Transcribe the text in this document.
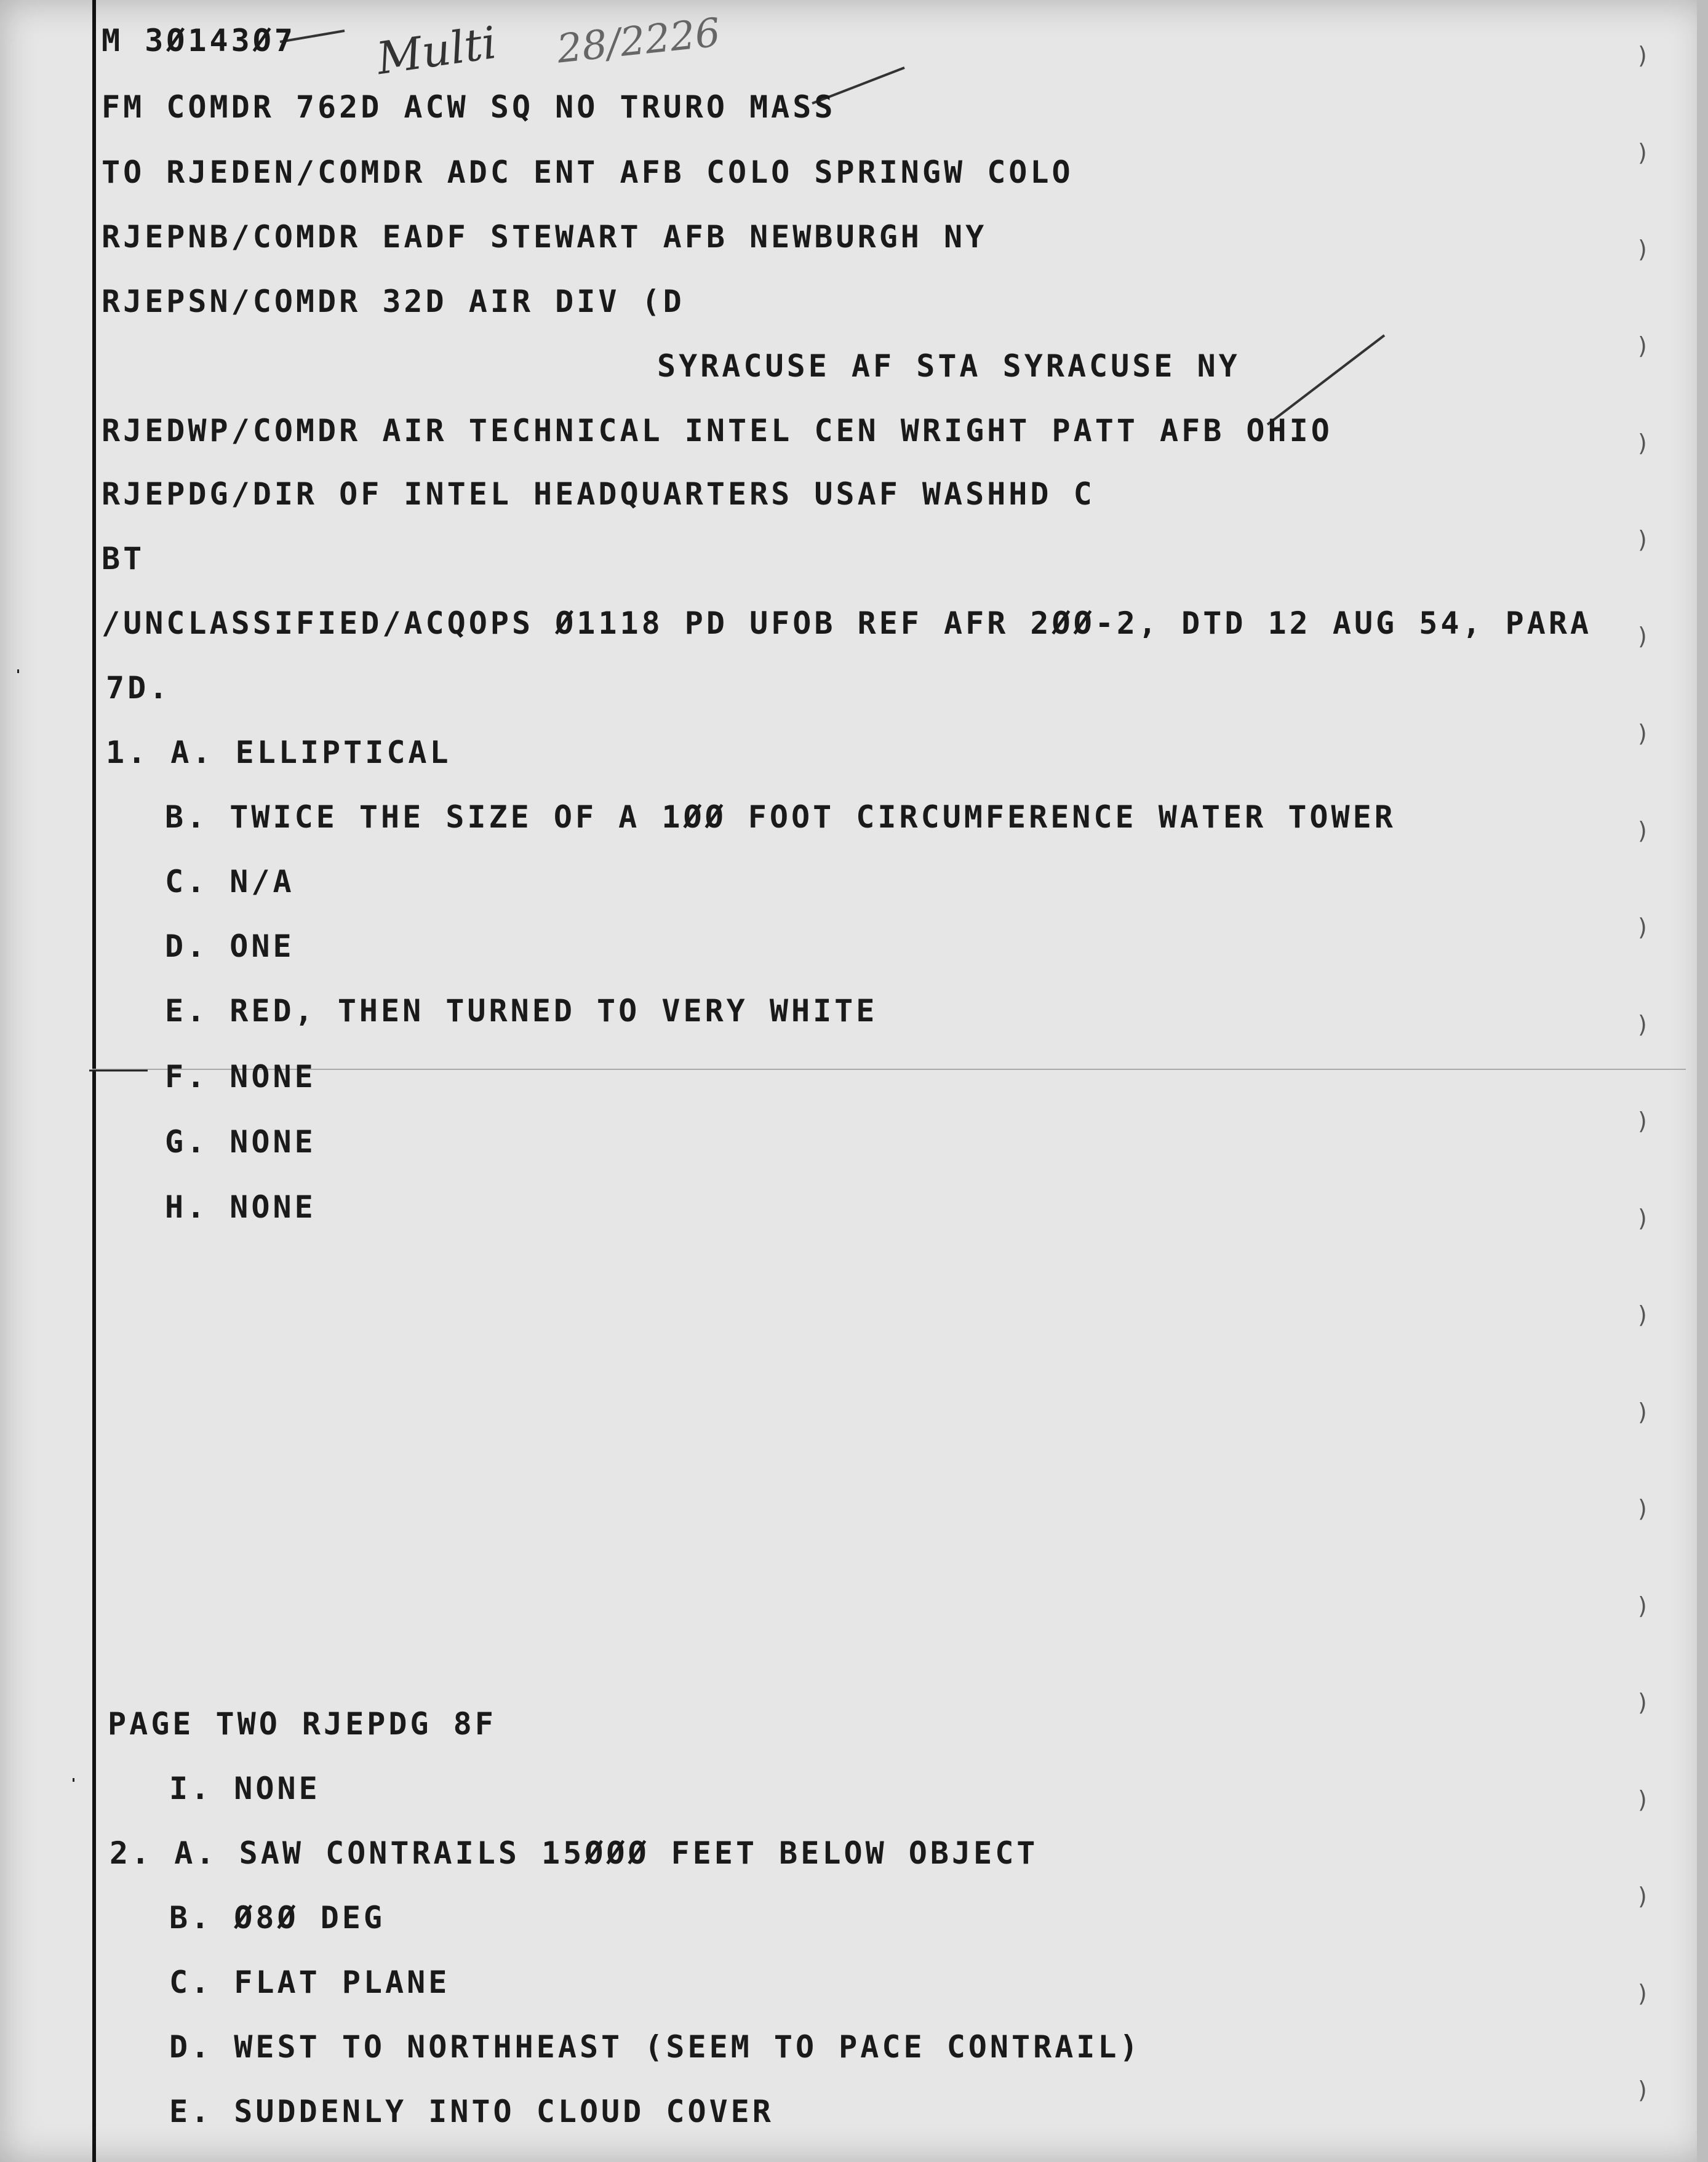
Multi 28/2226

M 3Ø143Ø7

FM COMDR 762D ACW SQ NO TRURO MASS

TO RJEDEN/COMDR ADC ENT AFB COLO SPRINGW COLO

RJEPNB/COMDR EADF STEWART AFB NEWBURGH NY

RJEPSN/COMDR 32D AIR DIV (D

SYRACUSE AF STA SYRACUSE NY

RJEDWP/COMDR AIR TECHNICAL INTEL CEN WRIGHT PATT AFB OHIO

RJEPDG/DIR OF INTEL HEADQUARTERS USAF WASHHD C

BT

/UNCLASSIFIED/ACQOPS Ø1118 PD UFOB REF AFR 2ØØ-2, DTD 12 AUG 54, PARA

7D.

1. A. ELLIPTICAL

B. TWICE THE SIZE OF A 1ØØ FOOT CIRCUMFERENCE WATER TOWER

C. N/A

D. ONE

E. RED, THEN TURNED TO VERY WHITE

F. NONE

G. NONE

H. NONE

PAGE TWO RJEPDG 8F

I. NONE

2. A. SAW CONTRAILS 15ØØØ FEET BELOW OBJECT

B. Ø8Ø DEG

C. FLAT PLANE

D. WEST TO NORTHHEAST (SEEM TO PACE CONTRAIL)

E. SUDDENLY INTO CLOUD COVER

)
)
)
)
)
)
)
)
)
)
)
)
)
)
)
)
)
)
)
)
)
)
